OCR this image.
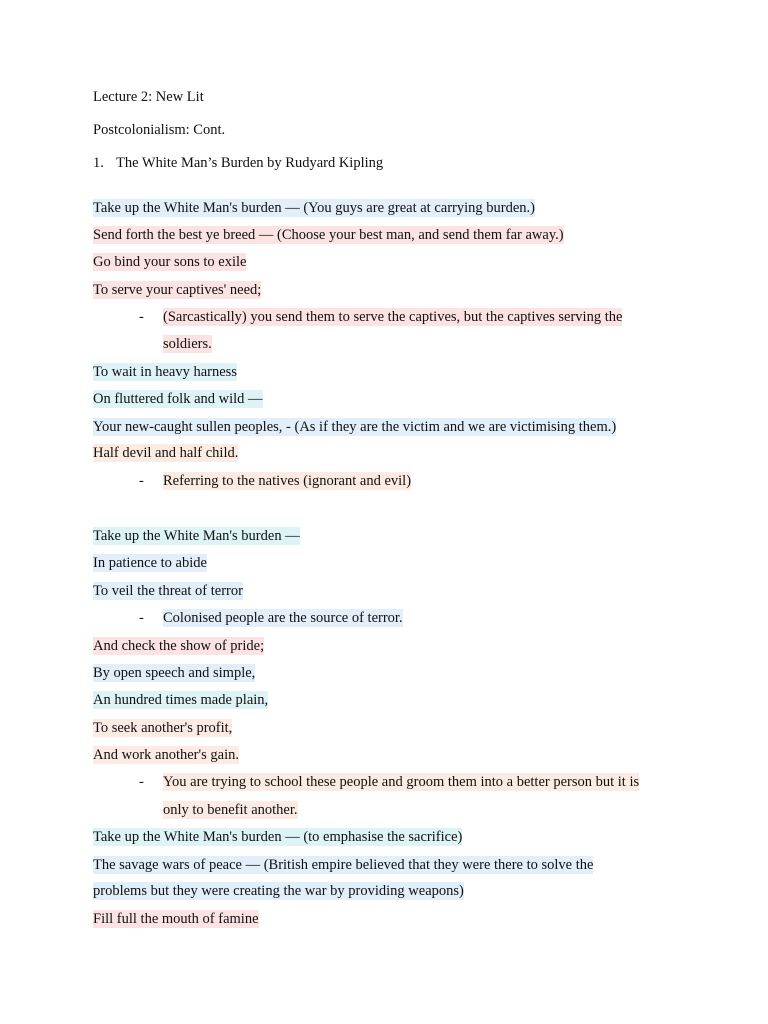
Lecture 2: New Lit
Postcolonialism: Cont.
1. The White Man’s Burden by Rudyard Kipling
Take up the White Man's burden — (You guys are great at carrying burden.)
Send forth the best ye breed — (Choose your best man, and send them far away.)
Go bind your sons to exile
To serve your captives' need;
- (Sarcastically) you send them to serve the captives, but the captives serving the
soldiers.
To wait in heavy harness
On fluttered folk and wild —
Your new-caught sullen peoples, - (As if they are the victim and we are victimising them.)
Half devil and half child.
- Referring to the natives (ignorant and evil)
Take up the White Man's burden —
In patience to abide
To veil the threat of terror
- Colonised people are the source of terror.
And check the show of pride;
By open speech and simple,
An hundred times made plain,
To seek another's profit,
And work another's gain.
- You are trying to school these people and groom them into a better person but it is
only to benefit another.
Take up the White Man's burden — (to emphasise the sacrifice)
The savage wars of peace — (British empire believed that they were there to solve the
problems but they were creating the war by providing weapons)
Fill full the mouth of famine
